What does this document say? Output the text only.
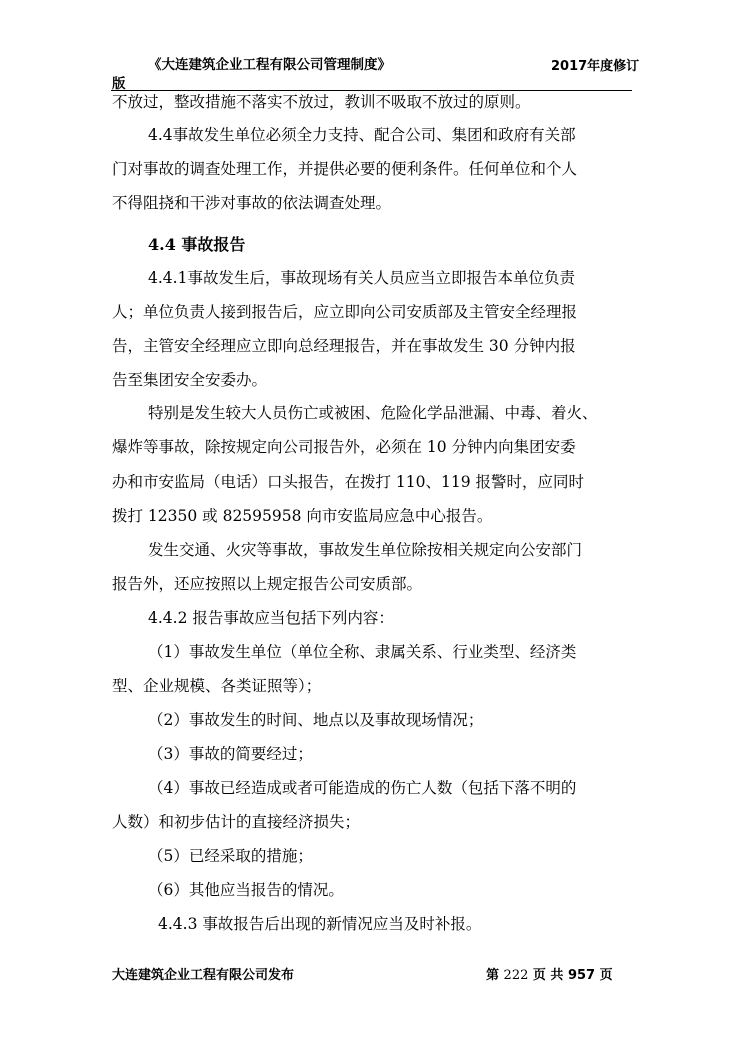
《大连建筑企业工程有限公司管理制度》	2017年度修订
版
不放过，整改措施不落实不放过，教训不吸取不放过的原则。
4.4事故发生单位必须全力支持、配合公司、集团和政府有关部
门对事故的调查处理工作，并提供必要的便利条件。任何单位和个人
不得阻挠和干涉对事故的依法调查处理。
4.4 事故报告
4.4.1事故发生后，事故现场有关人员应当立即报告本单位负责
人；单位负责人接到报告后，应立即向公司安质部及主管安全经理报
告，主管安全经理应立即向总经理报告，并在事故发生 30 分钟内报
告至集团安全安委办。
特别是发生较大人员伤亡或被困、危险化学品泄漏、中毒、着火、
爆炸等事故，除按规定向公司报告外，必须在 10 分钟内向集团安委
办和市安监局（电话）口头报告，在拨打 110、119 报警时，应同时
拨打 12350 或 82595958 向市安监局应急中心报告。
发生交通、火灾等事故，事故发生单位除按相关规定向公安部门
报告外，还应按照以上规定报告公司安质部。
4.4.2 报告事故应当包括下列内容：
（1）事故发生单位（单位全称、隶属关系、行业类型、经济类
型、企业规模、各类证照等）；
（2）事故发生的时间、地点以及事故现场情况；
（3）事故的简要经过；
（4）事故已经造成或者可能造成的伤亡人数（包括下落不明的
人数）和初步估计的直接经济损失；
（5）已经采取的措施；
（6）其他应当报告的情况。
4.4.3 事故报告后出现的新情况应当及时补报。
大连建筑企业工程有限公司发布	第 222 页 共 957 页
